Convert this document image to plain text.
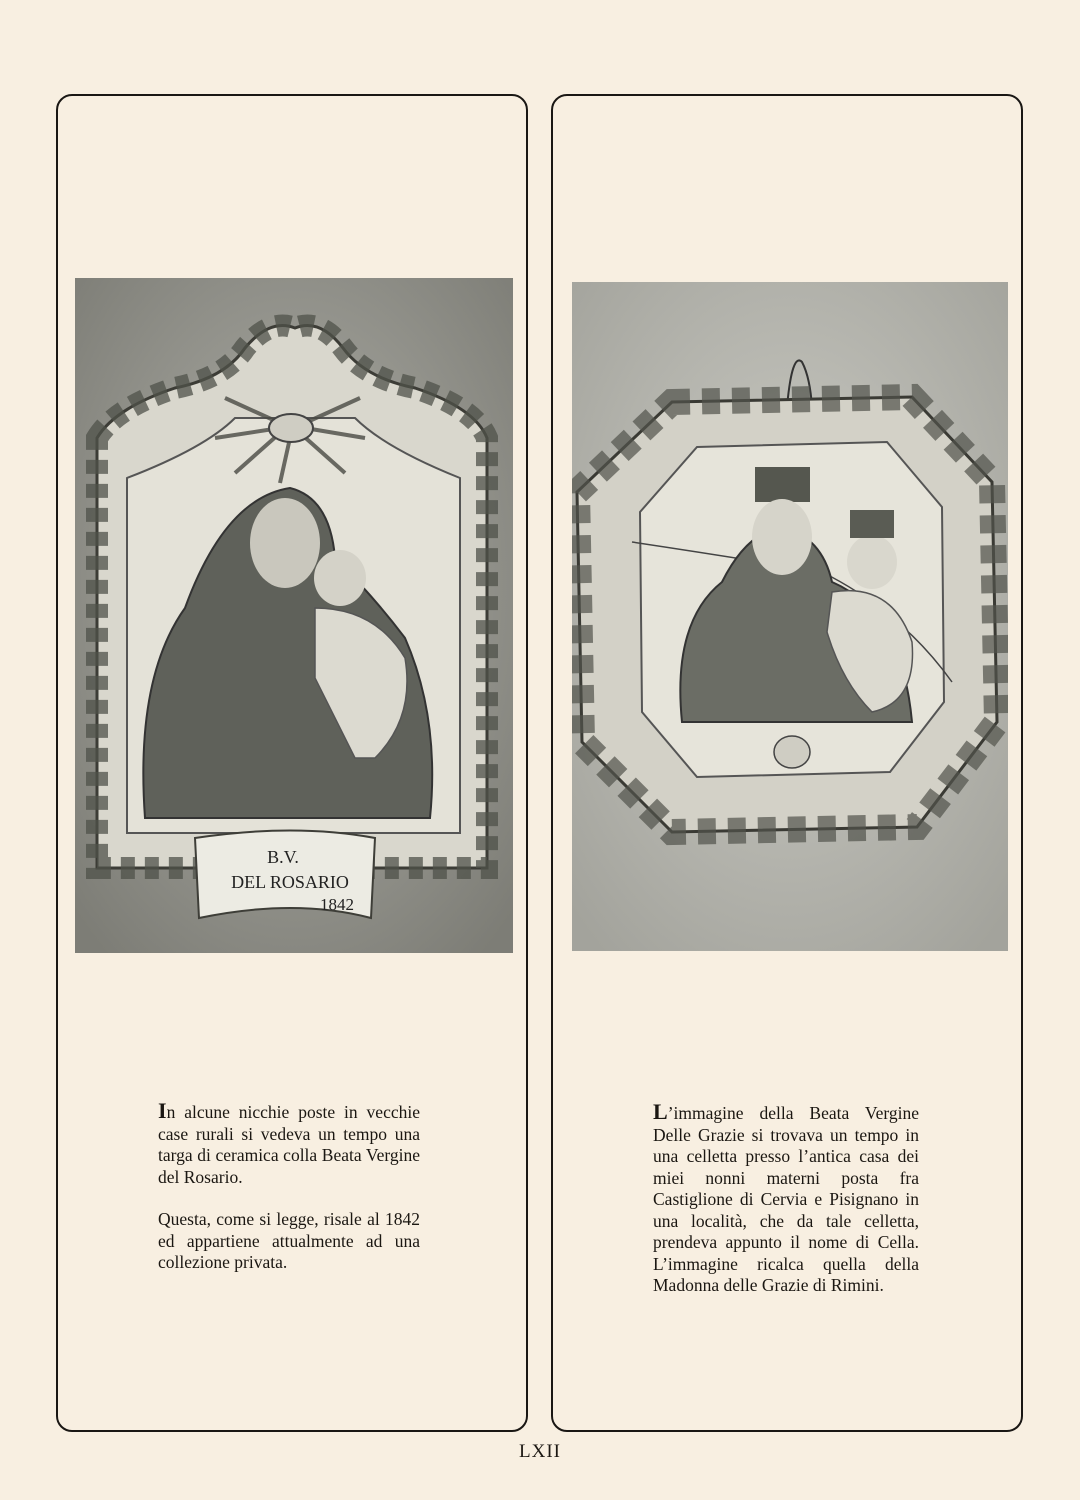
B.V.
DEL ROSARIO
1842

In alcune nicchie poste in vecchie case rurali si vedeva un tempo una targa di ceramica colla Beata Vergine del Rosario.

Questa, come si legge, risale al 1842 ed appartiene attualmente ad una collezione privata.

L’immagine della Beata Vergine Delle Grazie si trovava un tempo in una celletta presso l’antica casa dei miei nonni materni posta fra Castiglione di Cervia e Pisignano in una località, che da tale celletta, prendeva appunto il nome di Cella. L’immagine ricalca quella della Madonna delle Grazie di Rimini.

LXII
